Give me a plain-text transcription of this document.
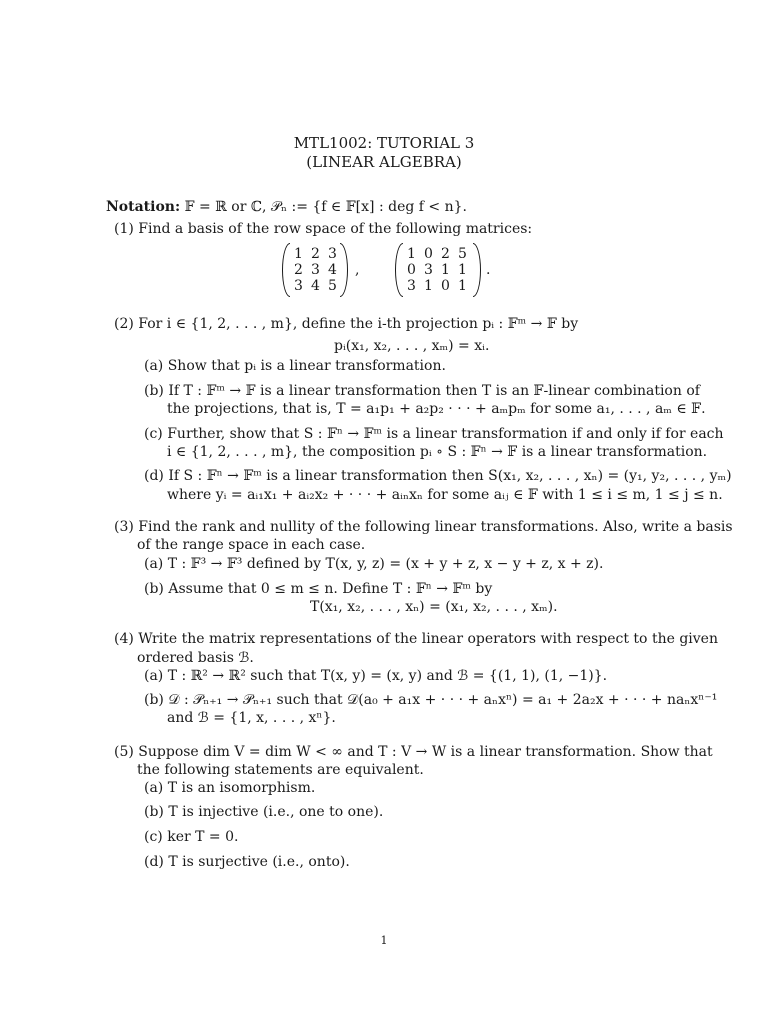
MTL1002: TUTORIAL 3
(LINEAR ALGEBRA)
Notation: 𝔽 = ℝ or ℂ, 𝒫ₙ := {f ∈ 𝔽[x] : deg f < n}.
(1) Find a basis of the row space of the following matrices:
1 2 3
2 3 4
3 4 5
,
1 0 2 5
0 3 1 1
3 1 0 1
.
(2) For i ∈ {1, 2, . . . , m}, define the i-th projection pᵢ : 𝔽ᵐ → 𝔽 by
pᵢ(x₁, x₂, . . . , xₘ) = xᵢ.
(a) Show that pᵢ is a linear transformation.
(b) If T : 𝔽ᵐ → 𝔽 is a linear transformation then T is an 𝔽-linear combination of
the projections, that is, T = a₁p₁ + a₂p₂ · · · + aₘpₘ for some a₁, . . . , aₘ ∈ 𝔽.
(c) Further, show that S : 𝔽ⁿ → 𝔽ᵐ is a linear transformation if and only if for each
i ∈ {1, 2, . . . , m}, the composition pᵢ ∘ S : 𝔽ⁿ → 𝔽 is a linear transformation.
(d) If S : 𝔽ⁿ → 𝔽ᵐ is a linear transformation then S(x₁, x₂, . . . , xₙ) = (y₁, y₂, . . . , yₘ)
where yᵢ = aᵢ₁x₁ + aᵢ₂x₂ + · · · + aᵢₙxₙ for some aᵢⱼ ∈ 𝔽 with 1 ≤ i ≤ m, 1 ≤ j ≤ n.
(3) Find the rank and nullity of the following linear transformations. Also, write a basis
of the range space in each case.
(a) T : 𝔽³ → 𝔽³ defined by T(x, y, z) = (x + y + z, x − y + z, x + z).
(b) Assume that 0 ≤ m ≤ n. Define T : 𝔽ⁿ → 𝔽ᵐ by
T(x₁, x₂, . . . , xₙ) = (x₁, x₂, . . . , xₘ).
(4) Write the matrix representations of the linear operators with respect to the given
ordered basis ℬ.
(a) T : ℝ² → ℝ² such that T(x, y) = (x, y) and ℬ = {(1, 1), (1, −1)}.
(b) 𝒟 : 𝒫ₙ₊₁ → 𝒫ₙ₊₁ such that 𝒟(a₀ + a₁x + · · · + aₙxⁿ) = a₁ + 2a₂x + · · · + naₙxⁿ⁻¹
and ℬ = {1, x, . . . , xⁿ}.
(5) Suppose dim V = dim W < ∞ and T : V → W is a linear transformation. Show that
the following statements are equivalent.
(a) T is an isomorphism.
(b) T is injective (i.e., one to one).
(c) ker T = 0.
(d) T is surjective (i.e., onto).
1
